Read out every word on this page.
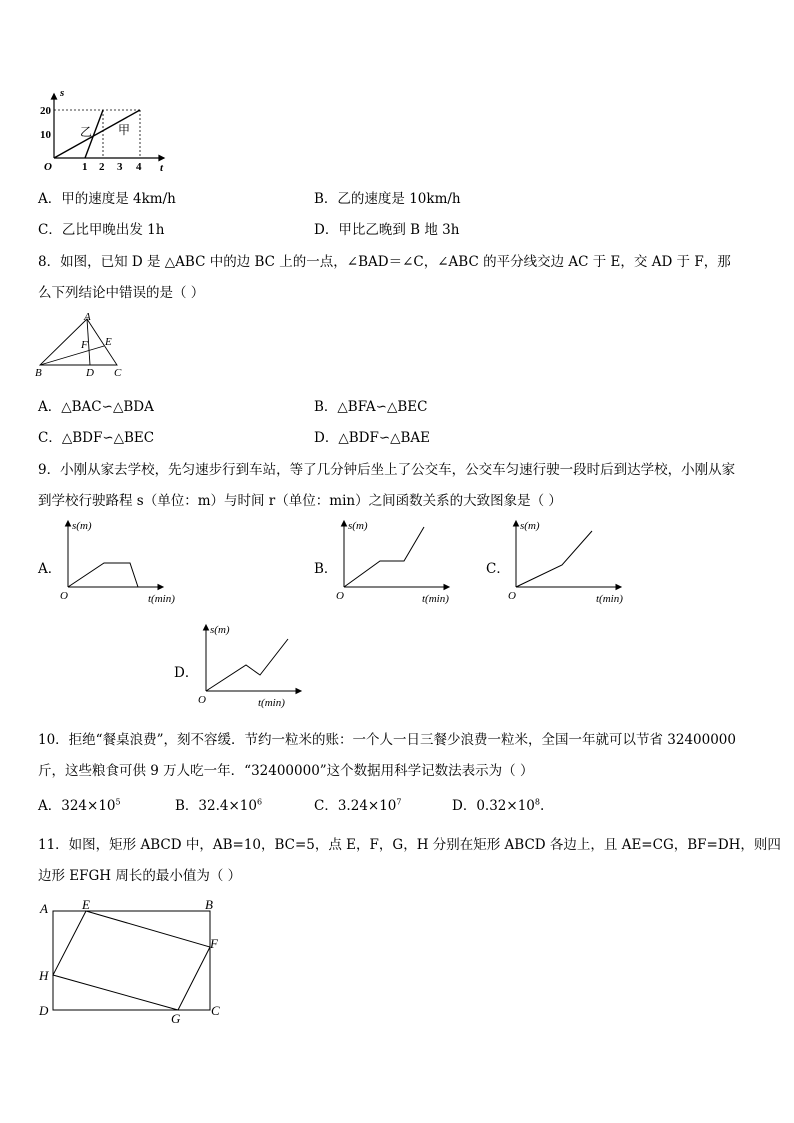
s
t
O
20
10
1 2 3 4
乙 甲
A．甲的速度是 4km/h	B．乙的速度是 10km/h
C．乙比甲晚出发 1h	D．甲比乙晚到 B 地 3h
8．如图，已知 D 是 △ABC 中的边 BC 上的一点，∠BAD＝∠C，∠ABC 的平分线交边 AC 于 E，交 AD 于 F，那
么下列结论中错误的是（ ）
A
B	C
D
E
F
A．△BAC∽△BDA	B．△BFA∽△BEC
C．△BDF∽△BEC	D．△BDF∽△BAE
9．小刚从家去学校，先匀速步行到车站，等了几分钟后坐上了公交车，公交车匀速行驶一段时后到达学校，小刚从家
到学校行驶路程 s（单位：m）与时间 r（单位：min）之间函数关系的大致图象是（ ）
A．
s(m)
t(min)
O
B．
s(m)
t(min)
O
C．
s(m)
t(min)
O
D．
s(m)
t(min)
O
10．拒绝“餐桌浪费”，刻不容缓．节约一粒米的账：一个人一日三餐少浪费一粒米，全国一年就可以节省 32400000
斤，这些粮食可供 9 万人吃一年．“32400000”这个数据用科学记数法表示为（ ）
A．$324\times 10^5$	B．$32.4\times 10^6$	C．$3.24\times 10^7$	D．$0.32\times 10^8$.
11．如图，矩形 ABCD 中，AB=10，BC=5，点 E，F，G，H 分别在矩形 ABCD 各边上，且 AE=CG，BF=DH，则四
边形 EFGH 周长的最小值为（ ）
A	E	B
F
H
D
G
C
